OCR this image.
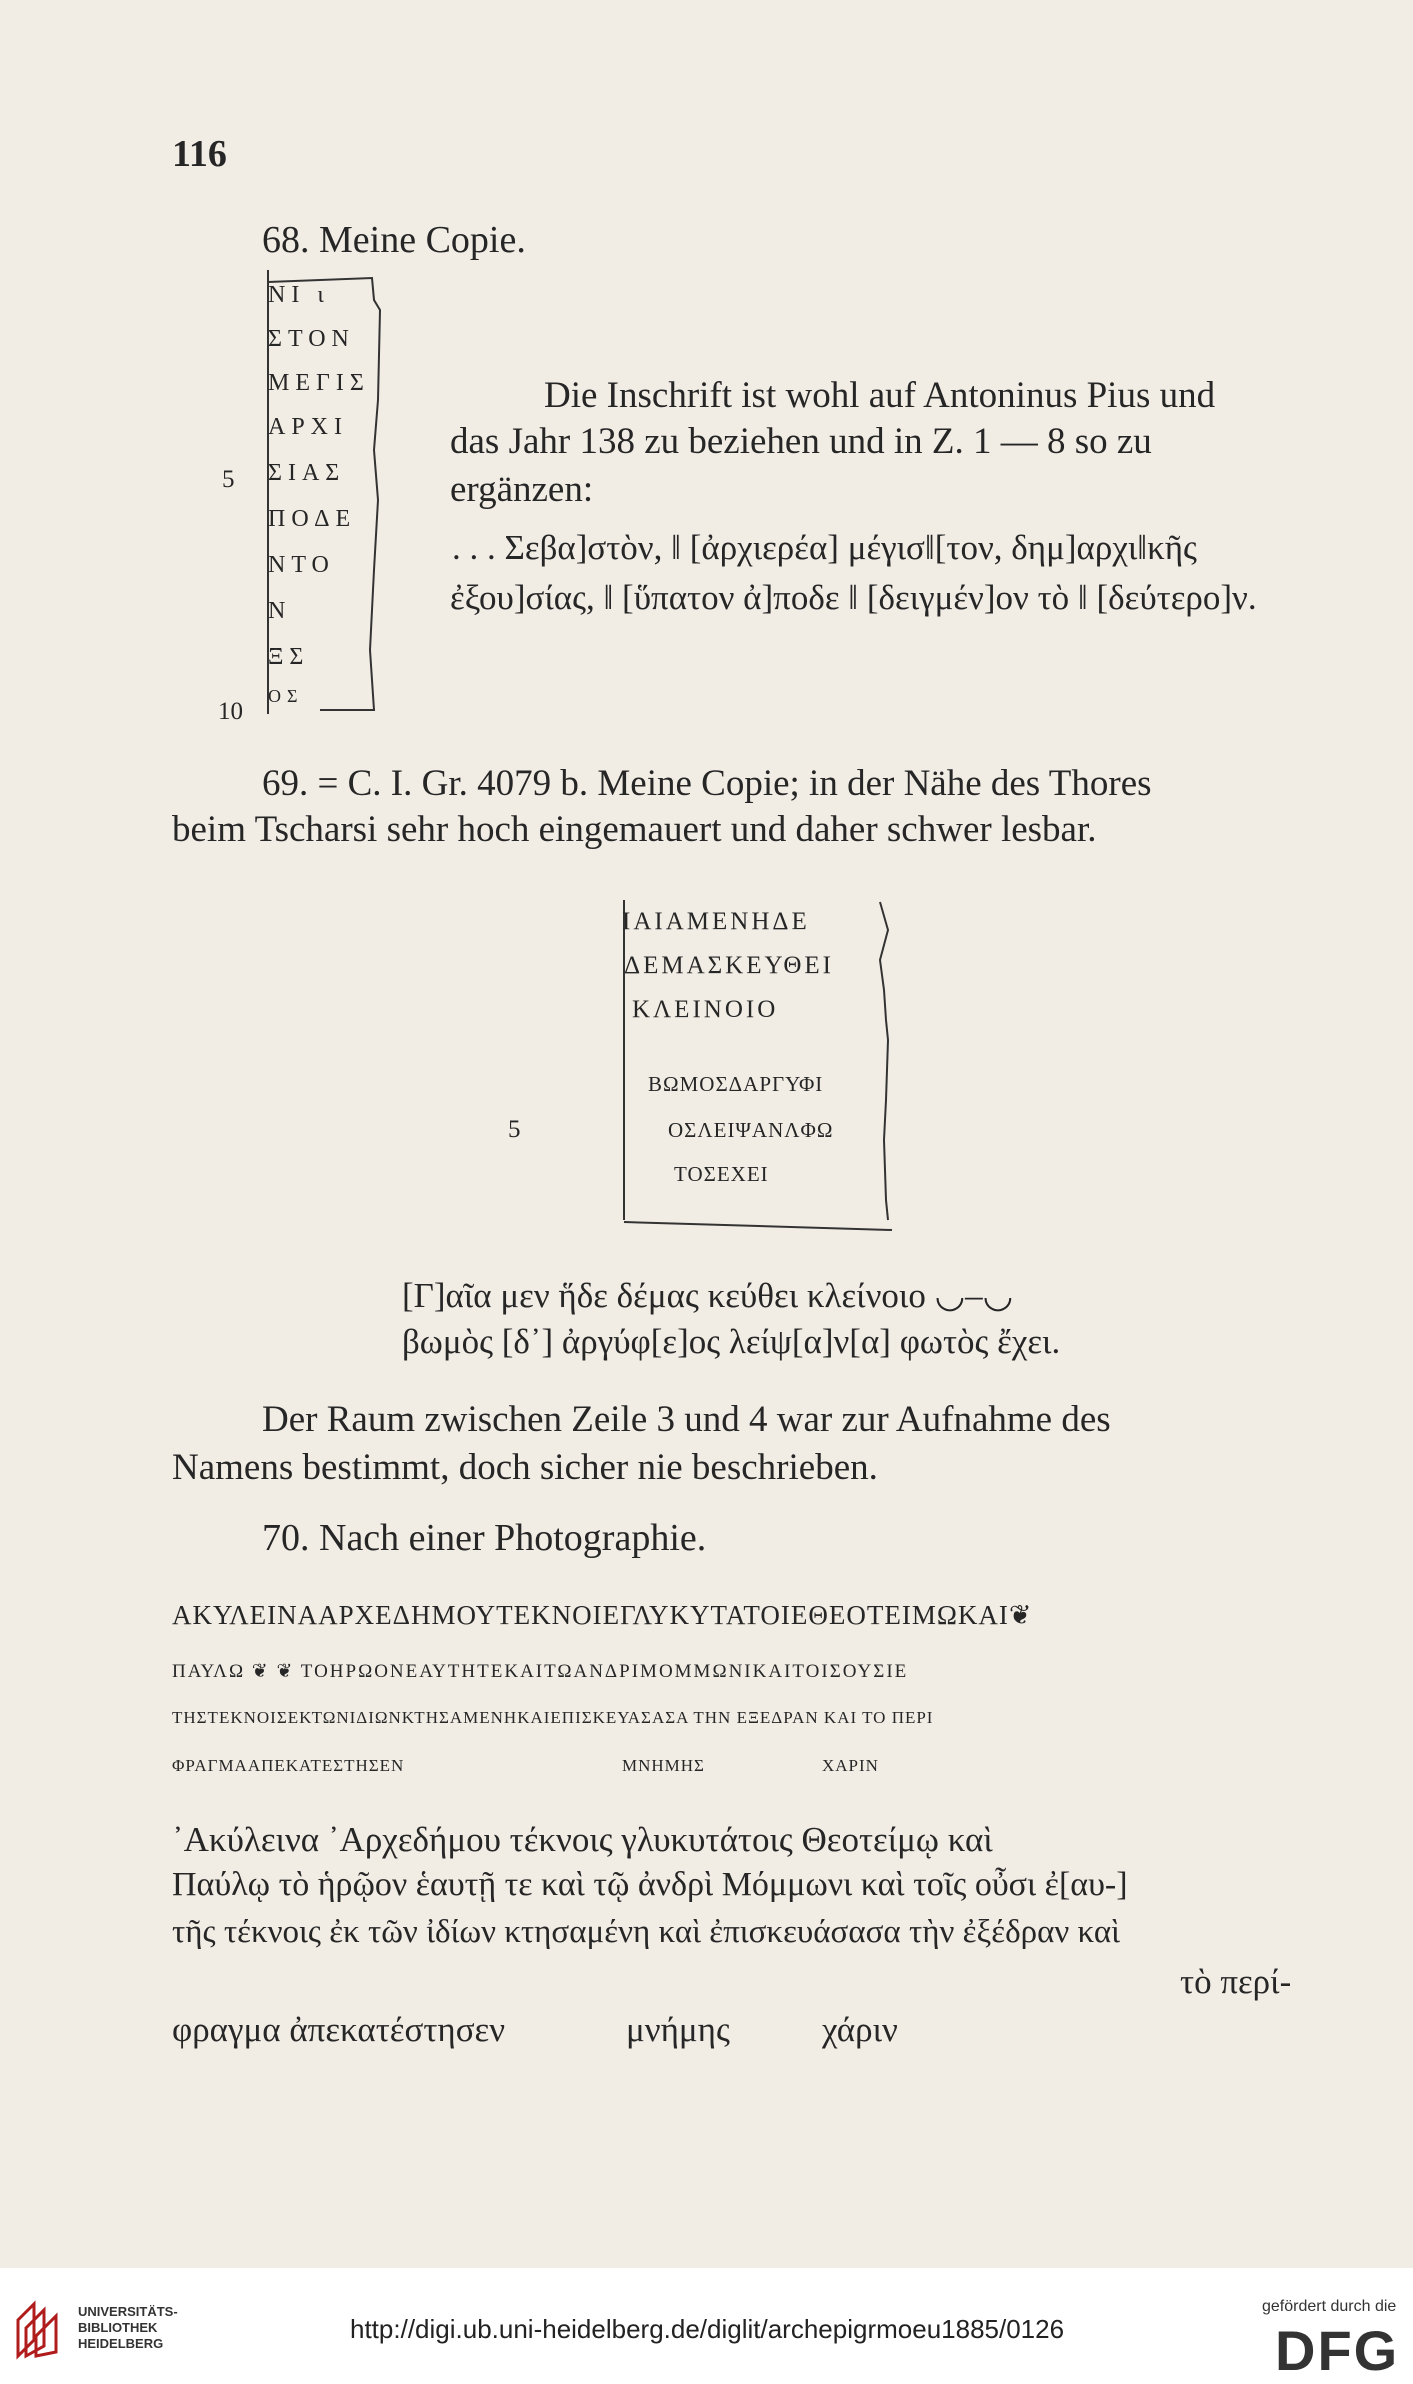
116
68. Meine Copie.
ΝΙ ι
ΣΤΟΝ
ΜΕΓΙΣ
ΑΡΧΙ
ΣΙΑΣ
ΠΟΔΕ
ΝΤΟ
Ν
ΞΣ
ΟΣ
5
10
Die Inschrift ist wohl auf Antoninus Pius und
das Jahr 138 zu beziehen und in Z. 1 — 8 so zu
ergänzen:
. . . Σεβα]στὸν, ‖ [ἀρχιερέα] μέγισ‖[τον, δημ]αρχι‖κῆς
ἐξου]σίας, ‖ [ὕπατον ἀ]ποδε ‖ [δειγμέν]ον τὸ ‖ [δεύτερο]ν.
69. = C. I. Gr. 4079 b. Meine Copie; in der Nähe des Thores
beim Tscharsi sehr hoch eingemauert und daher schwer lesbar.
ΙΑΙΑΜΕΝΗΔΕ
ΔΕΜΑΣΚΕΥΘΕΙ
ΚΛΕΙΝΟΙΟ
ΒΩΜΟΣΔΑΡΓΥΦΙ
ΟΣΛΕΙΨΑΝΛΦΩ
ΤΟΣΕΧΕΙ
5
[Γ]αῖα μεν ἥδε δέμας κεύθει κλείνοιο ◡–◡
βωμὸς [δ᾿] ἀργύφ[ε]ος λείψ[α]ν[α] φωτὸς ἔχει.
Der Raum zwischen Zeile 3 und 4 war zur Aufnahme des
Namens bestimmt, doch sicher nie beschrieben.
70. Nach einer Photographie.
ΑΚΥΛΕΙΝΑΑΡΧΕΔΗΜΟΥΤΕΚΝΟΙΕΓΛΥΚΥΤΑΤΟΙΕΘΕΟΤΕΙΜΩΚΑΙ❦
ΠΑΥΛΩ ❦ ❦ ΤΟΗΡΩΟΝΕΑΥΤΗΤΕΚΑΙΤΩΑΝΔΡΙΜΟΜΜΩΝΙΚΑΙΤΟΙΣΟΥΣΙΕ
ΤΗΣΤΕΚΝΟΙΣΕΚΤΩΝΙΔΙΩΝΚΤΗΣΑΜΕΝΗΚΑΙΕΠΙΣΚΕΥΑΣΑΣΑ ΤΗΝ ΕΞΕΔΡΑΝ ΚΑΙ ΤΟ ΠΕΡΙ
ΦΡΑΓΜΑΑΠΕΚΑΤΕΣΤΗΣΕΝ	ΜΝΗΜΗΣ	ΧΑΡΙΝ
᾿Ακύλεινα ᾿Αρχεδήμου τέκνοις γλυκυτάτοις Θεοτείμῳ καὶ
Παύλῳ τὸ ἡρῷον ἑαυτῇ τε καὶ τῷ ἀνδρὶ Μόμμωνι καὶ τοῖς οὖσι ἐ[αυ-]
τῆς τέκνοις ἐκ τῶν ἰδίων κτησαμένη καὶ ἐπισκευάσασα τὴν ἐξέδραν καὶ
τὸ περί-
φραγμα ἀπεκατέστησεν	μνήμης	χάριν
UNIVERSITÄTS-
BIBLIOTHEK
HEIDELBERG	http://digi.ub.uni-heidelberg.de/diglit/archepigrmoeu1885/0126
gefördert durch die
DFG
